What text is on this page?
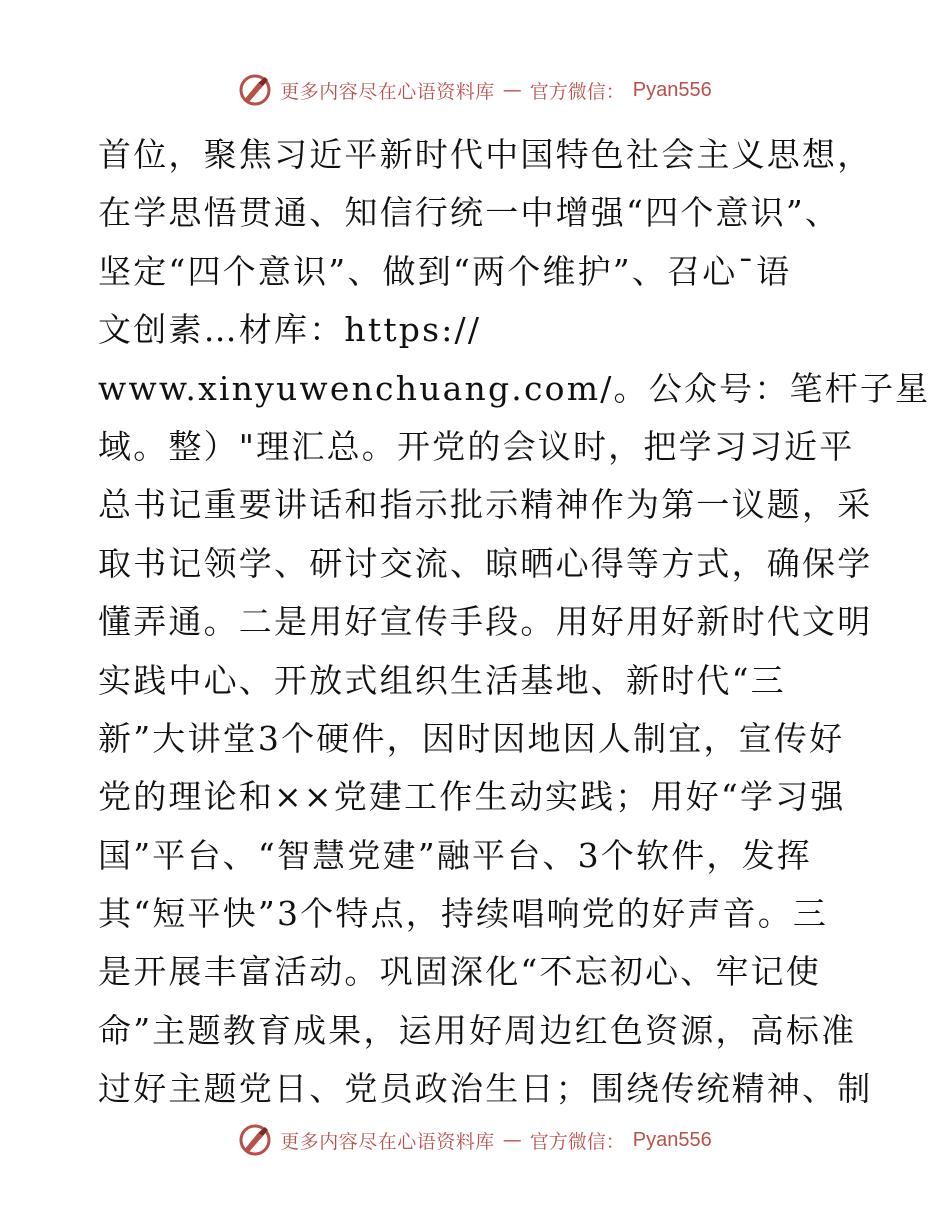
更多内容尽在心语资料库 — 官方微信： Pyan556
首位，聚焦习近平新时代中国特色社会主义思想，
在学思悟贯通、知信行统一中增强“四个意识”、
坚定“四个意识”、做到“两个维护”、召心¯语
文创素…材库：https://
www.xinyuwenchuang.com/。公众号：笔杆子星
域。整）"理汇总。开党的会议时，把学习习近平
总书记重要讲话和指示批示精神作为第一议题，采
取书记领学、研讨交流、晾晒心得等方式，确保学
懂弄通。二是用好宣传手段。用好用好新时代文明
实践中心、开放式组织生活基地、新时代“三
新”大讲堂3个硬件，因时因地因人制宜，宣传好
党的理论和××党建工作生动实践；用好“学习强
国”平台、“智慧党建”融平台、3个软件，发挥
其“短平快”3个特点，持续唱响党的好声音。三
是开展丰富活动。巩固深化“不忘初心、牢记使
命”主题教育成果，运用好周边红色资源，高标准
过好主题党日、党员政治生日；围绕传统精神、制
更多内容尽在心语资料库 — 官方微信： Pyan556
